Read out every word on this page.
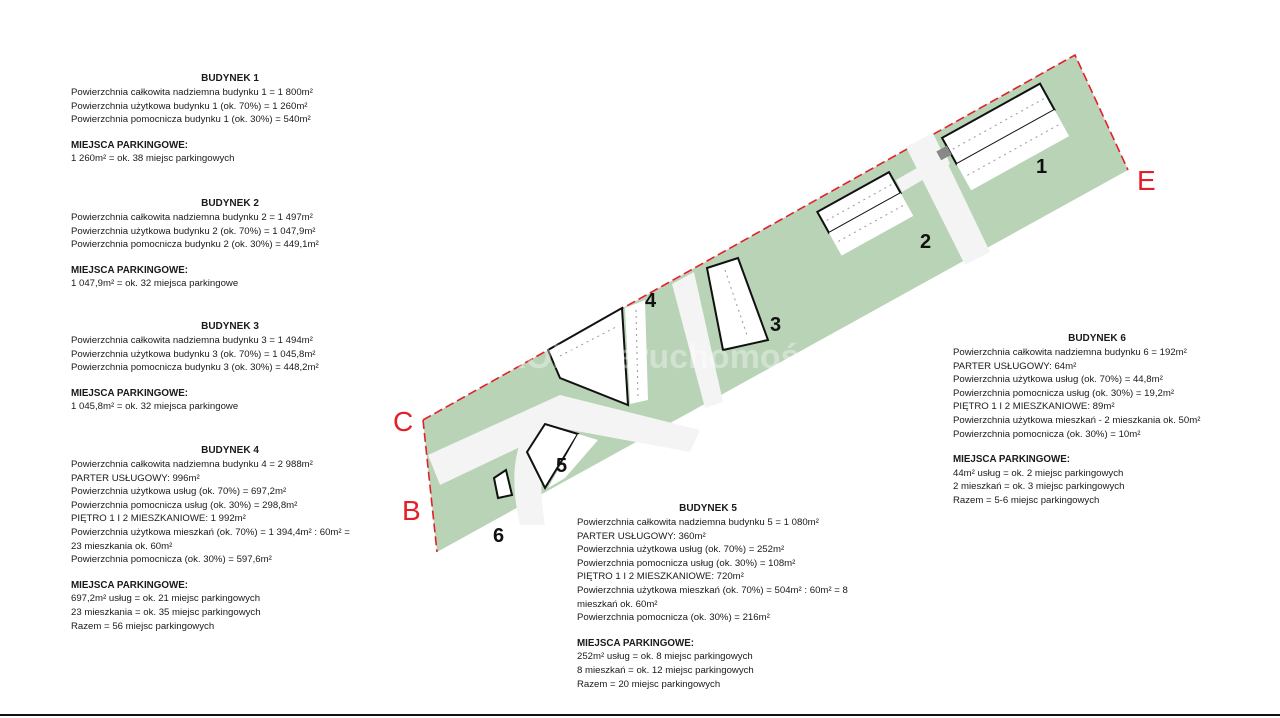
KRKON nieruchomości
1
2
3
4
5
6
C
B
E
BUDYNEK 1

Powierzchnia całkowita nadziemna budynku 1 = 1 800m²

Powierzchnia użytkowa budynku 1 (ok. 70%) = 1 260m²

Powierzchnia pomocnicza budynku 1 (ok. 30%) = 540m²

MIEJSCA PARKINGOWE:

1 260m² = ok. 38 miejsc parkingowych

BUDYNEK 2

Powierzchnia całkowita nadziemna budynku 2 = 1 497m²

Powierzchnia użytkowa budynku 2 (ok. 70%) = 1 047,9m²

Powierzchnia pomocnicza budynku 2 (ok. 30%) = 449,1m²

MIEJSCA PARKINGOWE:

1 047,9m² = ok. 32 miejsca parkingowe

BUDYNEK 3

Powierzchnia całkowita nadziemna budynku 3 = 1 494m²

Powierzchnia użytkowa budynku 3 (ok. 70%) = 1 045,8m²

Powierzchnia pomocnicza budynku 3 (ok. 30%) = 448,2m²

MIEJSCA PARKINGOWE:

1 045,8m² = ok. 32 miejsca parkingowe

BUDYNEK 4

Powierzchnia całkowita nadziemna budynku 4 = 2 988m²

PARTER USŁUGOWY: 996m²

Powierzchnia użytkowa usług (ok. 70%) = 697,2m²

Powierzchnia pomocnicza usług (ok. 30%) = 298,8m²

PIĘTRO 1 I 2 MIESZKANIOWE: 1 992m²

Powierzchnia użytkowa mieszkań (ok. 70%) = 1 394,4m² : 60m² =

23 mieszkania ok. 60m²

Powierzchnia pomocnicza (ok. 30%) = 597,6m²

MIEJSCA PARKINGOWE:

697,2m² usług = ok. 21 miejsc parkingowych

23 mieszkania = ok. 35 miejsc parkingowych

Razem = 56 miejsc parkingowych

BUDYNEK 5

Powierzchnia całkowita nadziemna budynku 5 = 1 080m²

PARTER USŁUGOWY: 360m²

Powierzchnia użytkowa usług (ok. 70%) = 252m²

Powierzchnia pomocnicza usług (ok. 30%) = 108m²

PIĘTRO 1 I 2 MIESZKANIOWE: 720m²

Powierzchnia użytkowa mieszkań (ok. 70%) = 504m² : 60m² = 8

mieszkań ok. 60m²

Powierzchnia pomocnicza (ok. 30%) = 216m²

MIEJSCA PARKINGOWE:

252m² usług = ok. 8 miejsc parkingowych

8 mieszkań = ok. 12 miejsc parkingowych

Razem = 20 miejsc parkingowych

BUDYNEK 6

Powierzchnia całkowita nadziemna budynku 6 = 192m²

PARTER USŁUGOWY: 64m²

Powierzchnia użytkowa usług (ok. 70%) = 44,8m²

Powierzchnia pomocnicza usług (ok. 30%) = 19,2m²

PIĘTRO 1 I 2 MIESZKANIOWE: 89m²

Powierzchnia użytkowa mieszkań - 2 mieszkania ok. 50m²

Powierzchnia pomocnicza (ok. 30%) = 10m²

MIEJSCA PARKINGOWE:

44m² usług = ok. 2 miejsc parkingowych

2 mieszkań = ok. 3 miejsc parkingowych

Razem = 5-6 miejsc parkingowych
